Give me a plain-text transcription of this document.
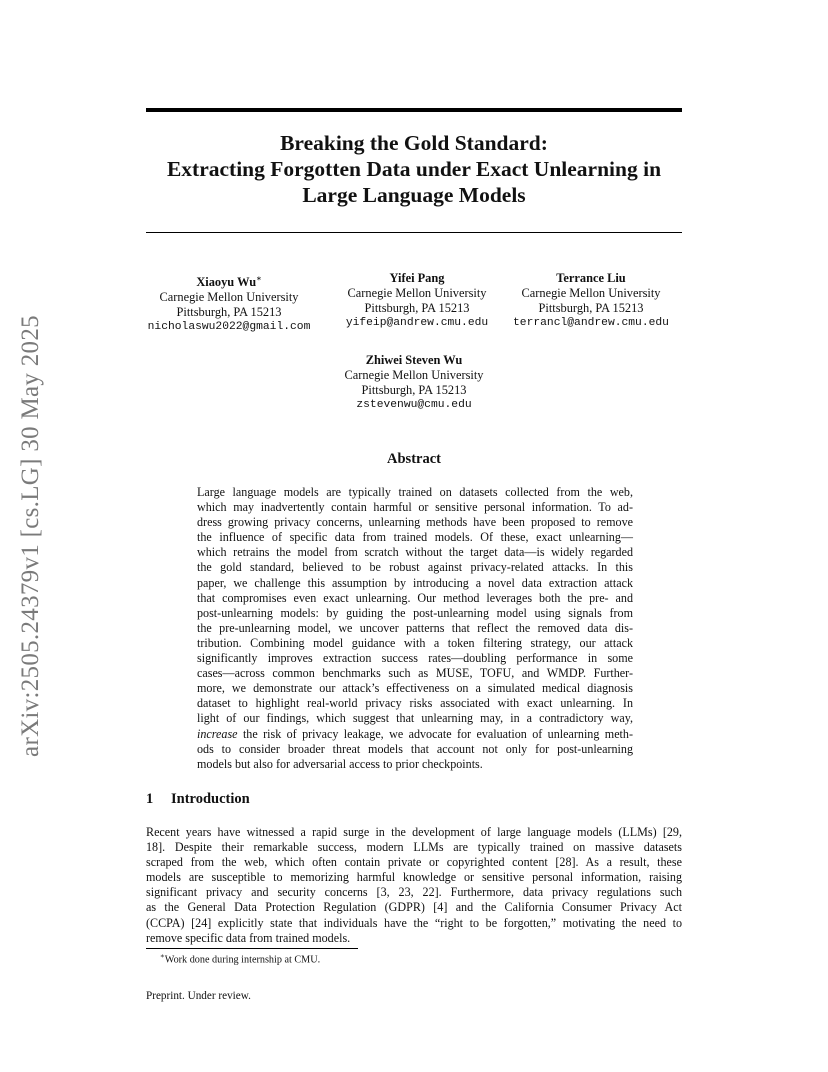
arXiv:2505.24379v1 [cs.LG] 30 May 2025
Breaking the Gold Standard:
Extracting Forgotten Data under Exact Unlearning in
Large Language Models
Xiaoyu Wu∗
Carnegie Mellon University
Pittsburgh, PA 15213
nicholaswu2022@gmail.com
Yifei Pang
Carnegie Mellon University
Pittsburgh, PA 15213
yifeip@andrew.cmu.edu
Terrance Liu
Carnegie Mellon University
Pittsburgh, PA 15213
terrancl@andrew.cmu.edu
Zhiwei Steven Wu
Carnegie Mellon University
Pittsburgh, PA 15213
zstevenwu@cmu.edu
Abstract
Large language models are typically trained on datasets collected from the web,
which may inadvertently contain harmful or sensitive personal information. To ad-
dress growing privacy concerns, unlearning methods have been proposed to remove
the influence of specific data from trained models. Of these, exact unlearning—
which retrains the model from scratch without the target data—is widely regarded
the gold standard, believed to be robust against privacy-related attacks. In this
paper, we challenge this assumption by introducing a novel data extraction attack
that compromises even exact unlearning. Our method leverages both the pre- and
post-unlearning models: by guiding the post-unlearning model using signals from
the pre-unlearning model, we uncover patterns that reflect the removed data dis-
tribution. Combining model guidance with a token filtering strategy, our attack
significantly improves extraction success rates—doubling performance in some
cases—across common benchmarks such as MUSE, TOFU, and WMDP. Further-
more, we demonstrate our attack’s effectiveness on a simulated medical diagnosis
dataset to highlight real-world privacy risks associated with exact unlearning. In
light of our findings, which suggest that unlearning may, in a contradictory way,
increase the risk of privacy leakage, we advocate for evaluation of unlearning meth-
ods to consider broader threat models that account not only for post-unlearning
models but also for adversarial access to prior checkpoints.
1 Introduction
Recent years have witnessed a rapid surge in the development of large language models (LLMs) [29,
18]. Despite their remarkable success, modern LLMs are typically trained on massive datasets
scraped from the web, which often contain private or copyrighted content [28]. As a result, these
models are susceptible to memorizing harmful knowledge or sensitive personal information, raising
significant privacy and security concerns [3, 23, 22]. Furthermore, data privacy regulations such
as the General Data Protection Regulation (GDPR) [4] and the California Consumer Privacy Act
(CCPA) [24] explicitly state that individuals have the “right to be forgotten,” motivating the need to
remove specific data from trained models.
∗Work done during internship at CMU.
Preprint. Under review.
